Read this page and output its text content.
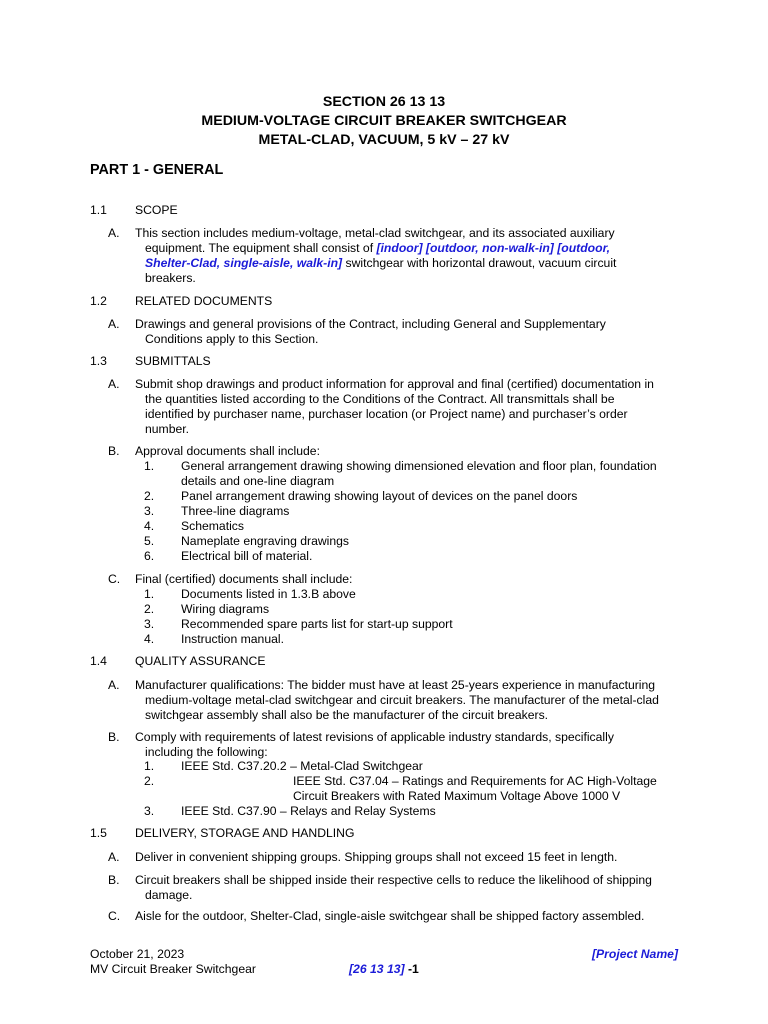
SECTION 26 13 13
MEDIUM-VOLTAGE CIRCUIT BREAKER SWITCHGEAR
METAL-CLAD, VACUUM, 5 kV – 27 kV
PART 1 - GENERAL
1.1 SCOPE
A. This section includes medium-voltage, metal-clad switchgear, and its associated auxiliary
equipment. The equipment shall consist of [indoor] [outdoor, non-walk-in] [outdoor,
Shelter-Clad, single-aisle, walk-in] switchgear with horizontal drawout, vacuum circuit
breakers.
1.2 RELATED DOCUMENTS
A. Drawings and general provisions of the Contract, including General and Supplementary
Conditions apply to this Section.
1.3 SUBMITTALS
A. Submit shop drawings and product information for approval and final (certified) documentation in
the quantities listed according to the Conditions of the Contract. All transmittals shall be
identified by purchaser name, purchaser location (or Project name) and purchaser’s order
number.
B. Approval documents shall include:
1. General arrangement drawing showing dimensioned elevation and floor plan, foundation
details and one-line diagram
2. Panel arrangement drawing showing layout of devices on the panel doors
3. Three-line diagrams
4. Schematics
5. Nameplate engraving drawings
6. Electrical bill of material.
C. Final (certified) documents shall include:
1. Documents listed in 1.3.B above
2. Wiring diagrams
3. Recommended spare parts list for start-up support
4. Instruction manual.
1.4 QUALITY ASSURANCE
A. Manufacturer qualifications: The bidder must have at least 25-years experience in manufacturing
medium-voltage metal-clad switchgear and circuit breakers. The manufacturer of the metal-clad
switchgear assembly shall also be the manufacturer of the circuit breakers.
B. Comply with requirements of latest revisions of applicable industry standards, specifically
including the following:
1. IEEE Std. C37.20.2 – Metal-Clad Switchgear
2.	IEEE Std. C37.04 – Ratings and Requirements for AC High-Voltage
Circuit Breakers with Rated Maximum Voltage Above 1000 V
3. IEEE Std. C37.90 – Relays and Relay Systems
1.5 DELIVERY, STORAGE AND HANDLING
A. Deliver in convenient shipping groups. Shipping groups shall not exceed 15 feet in length.
B. Circuit breakers shall be shipped inside their respective cells to reduce the likelihood of shipping
damage.
C. Aisle for the outdoor, Shelter-Clad, single-aisle switchgear shall be shipped factory assembled.
October 21, 2023
MV Circuit Breaker Switchgear
[Project Name]
[26 13 13] -1
